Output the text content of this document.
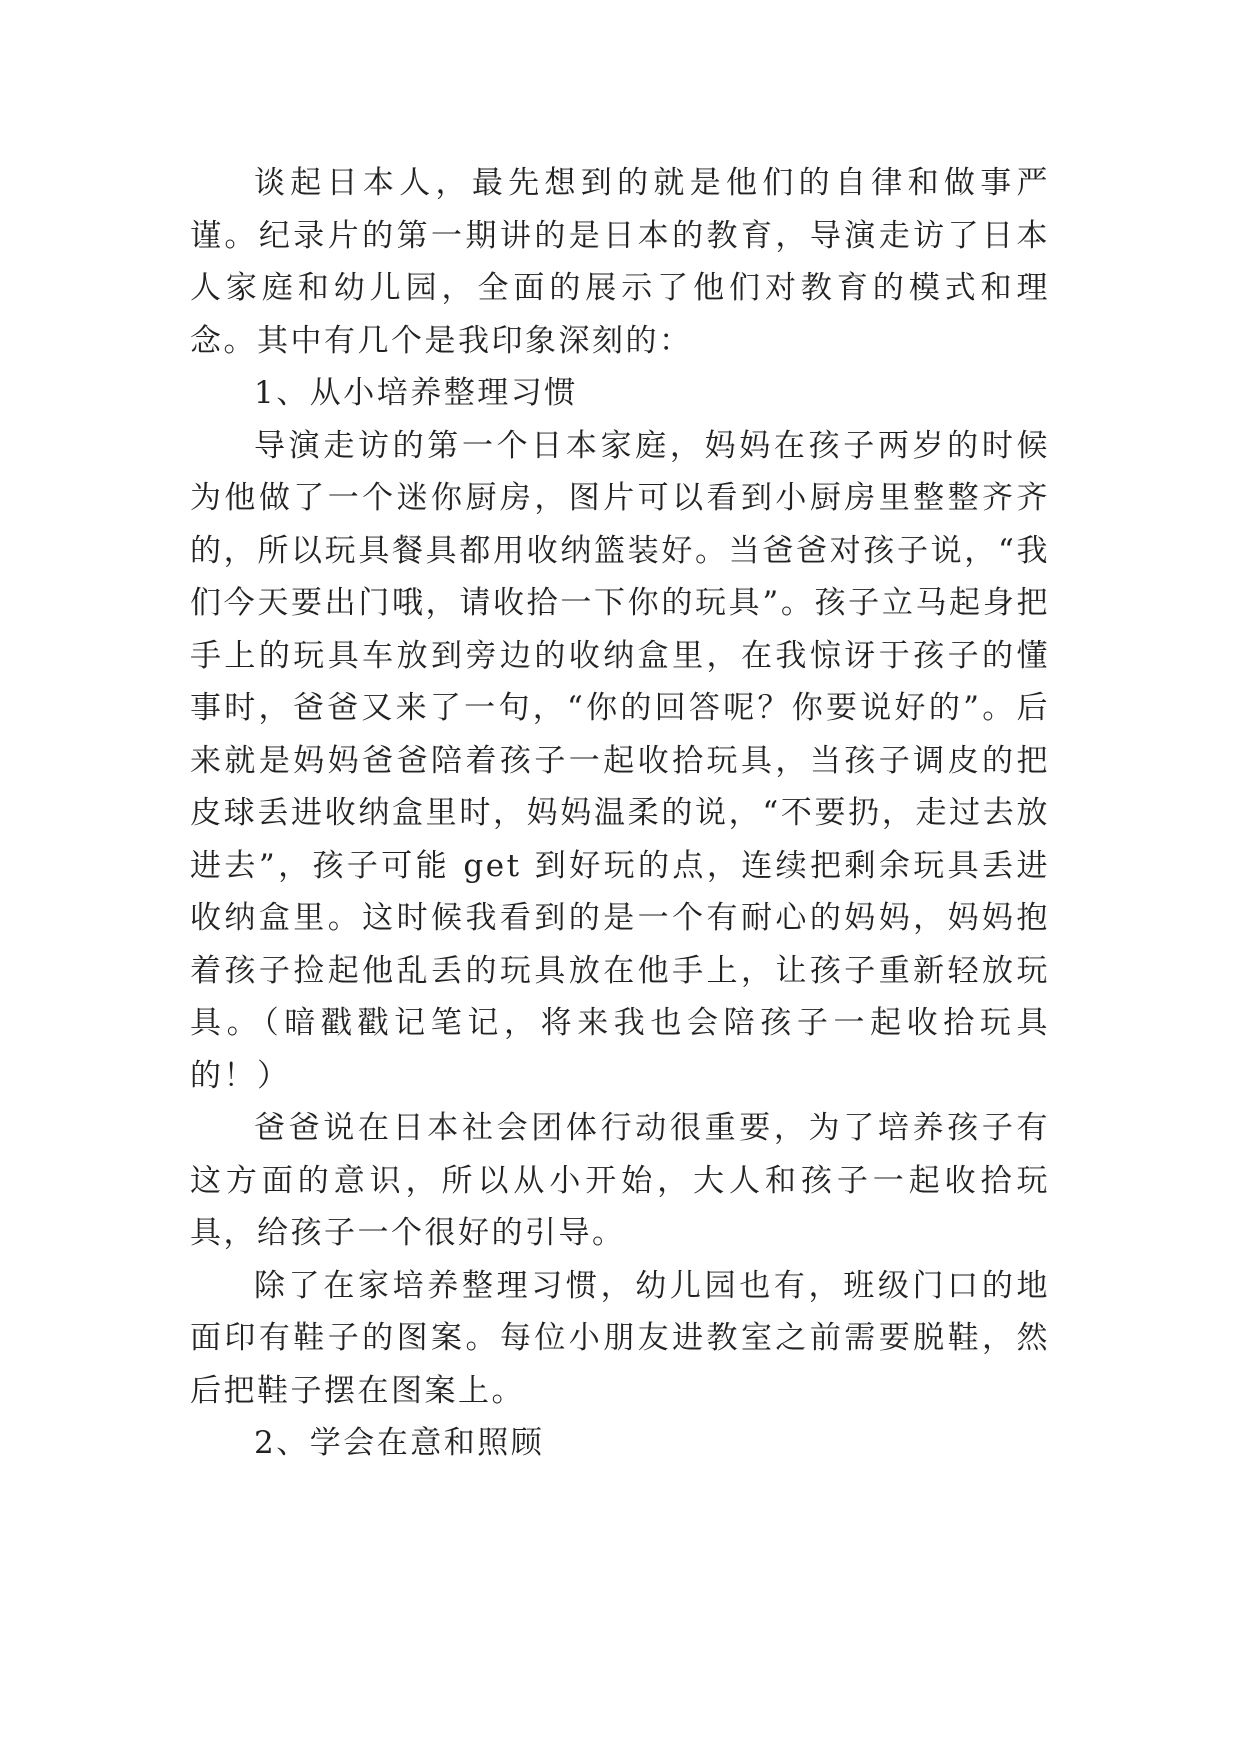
谈起日本人，最先想到的就是他们的自律和做事严谨。纪录片的第一期讲的是日本的教育，导演走访了日本人家庭和幼儿园，全面的展示了他们对教育的模式和理念。其中有几个是我印象深刻的：

1、从小培养整理习惯

导演走访的第一个日本家庭，妈妈在孩子两岁的时候为他做了一个迷你厨房，图片可以看到小厨房里整整齐齐的，所以玩具餐具都用收纳篮装好。当爸爸对孩子说，“我们今天要出门哦，请收拾一下你的玩具”。孩子立马起身把手上的玩具车放到旁边的收纳盒里，在我惊讶于孩子的懂事时，爸爸又来了一句，“你的回答呢？你要说好的”。后来就是妈妈爸爸陪着孩子一起收拾玩具，当孩子调皮的把皮球丢进收纳盒里时，妈妈温柔的说，“不要扔，走过去放进去”，孩子可能 get 到好玩的点，连续把剩余玩具丢进收纳盒里。这时候我看到的是一个有耐心的妈妈，妈妈抱着孩子捡起他乱丢的玩具放在他手上，让孩子重新轻放玩具。（暗戳戳记笔记，将来我也会陪孩子一起收拾玩具的！）

爸爸说在日本社会团体行动很重要，为了培养孩子有这方面的意识，所以从小开始，大人和孩子一起收拾玩具，给孩子一个很好的引导。

除了在家培养整理习惯，幼儿园也有，班级门口的地面印有鞋子的图案。每位小朋友进教室之前需要脱鞋，然后把鞋子摆在图案上。

2、学会在意和照顾
